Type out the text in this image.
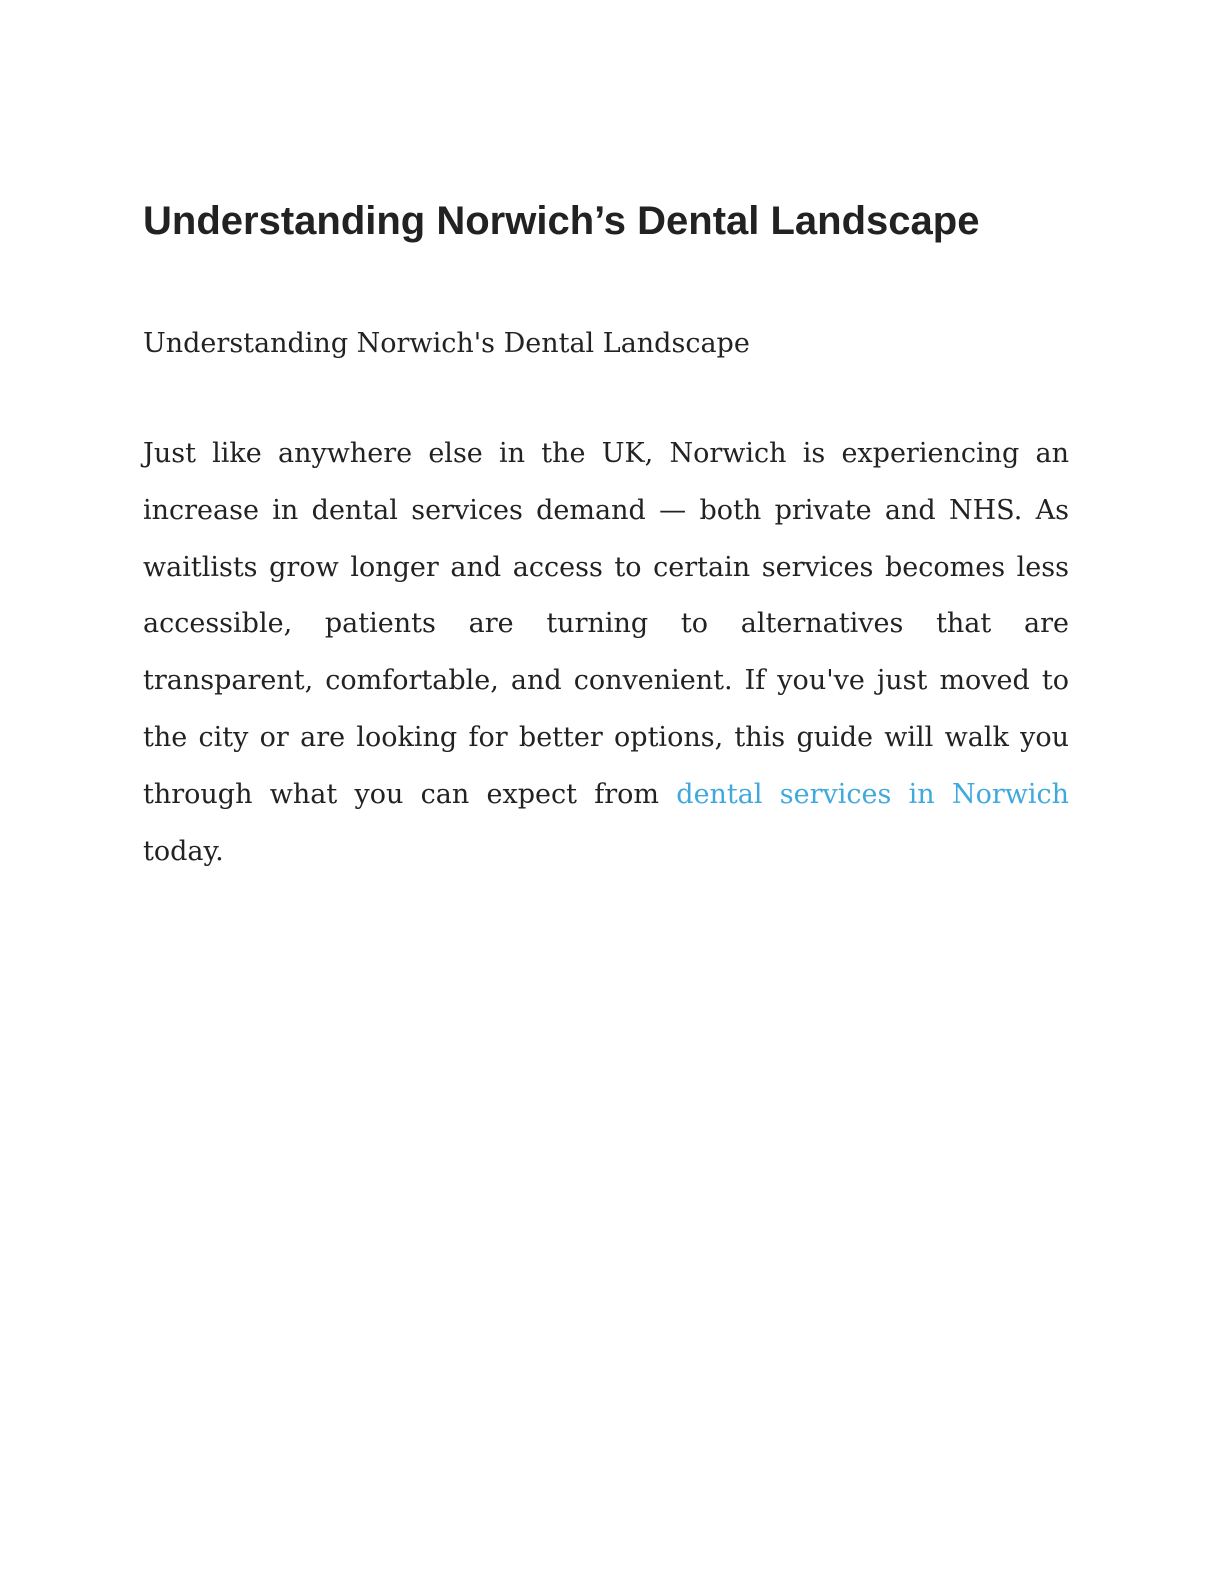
Understanding Norwich’s Dental Landscape

Understanding Norwich's Dental Landscape

Just like anywhere else in the UK, Norwich is experiencing an increase in dental services demand — both private and NHS. As waitlists grow longer and access to certain services becomes less accessible, patients are turning to alternatives that are transparent, comfortable, and convenient. If you've just moved to the city or are looking for better options, this guide will walk you through what you can expect from dental services in Norwich today.
